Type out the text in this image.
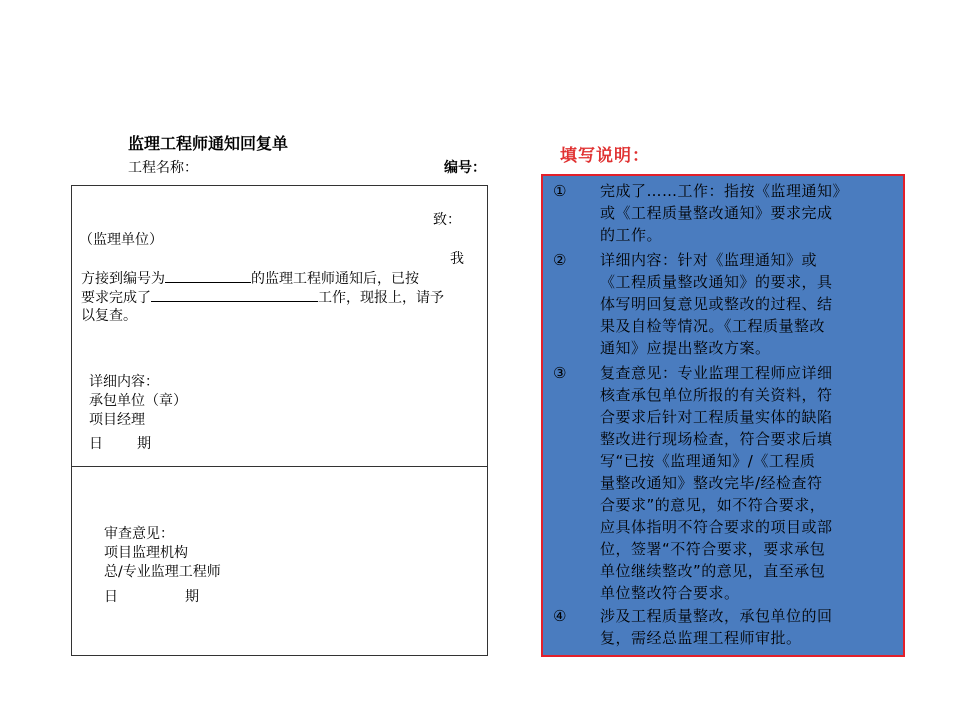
监理工程师通知回复单
工程名称：	编号：
致：
（监理单位）
我
方接到编号为	的监理工程师通知后，已按
要求完成了	工作，现报上，请予
以复查。
详细内容：
承包单位（章）
项目经理
日 期
审查意见：
项目监理机构
总/专业监理工程师
日	期
填写说明：
① 完成了……工作：指按《监理通知》
或《工程质量整改通知》要求完成
的工作。
② 详细内容：针对《监理通知》或
《工程质量整改通知》的要求，具
体写明回复意见或整改的过程、结
果及自检等情况。《工程质量整改
通知》应提出整改方案。
③ 复查意见：专业监理工程师应详细
核查承包单位所报的有关资料，符
合要求后针对工程质量实体的缺陷
整改进行现场检查，符合要求后填
写“已按《监理通知》/《工程质
量整改通知》整改完毕/经检查符
合要求”的意见，如不符合要求，
应具体指明不符合要求的项目或部
位，签署“不符合要求，要求承包
单位继续整改”的意见，直至承包
单位整改符合要求。
④ 涉及工程质量整改，承包单位的回
复，需经总监理工程师审批。
